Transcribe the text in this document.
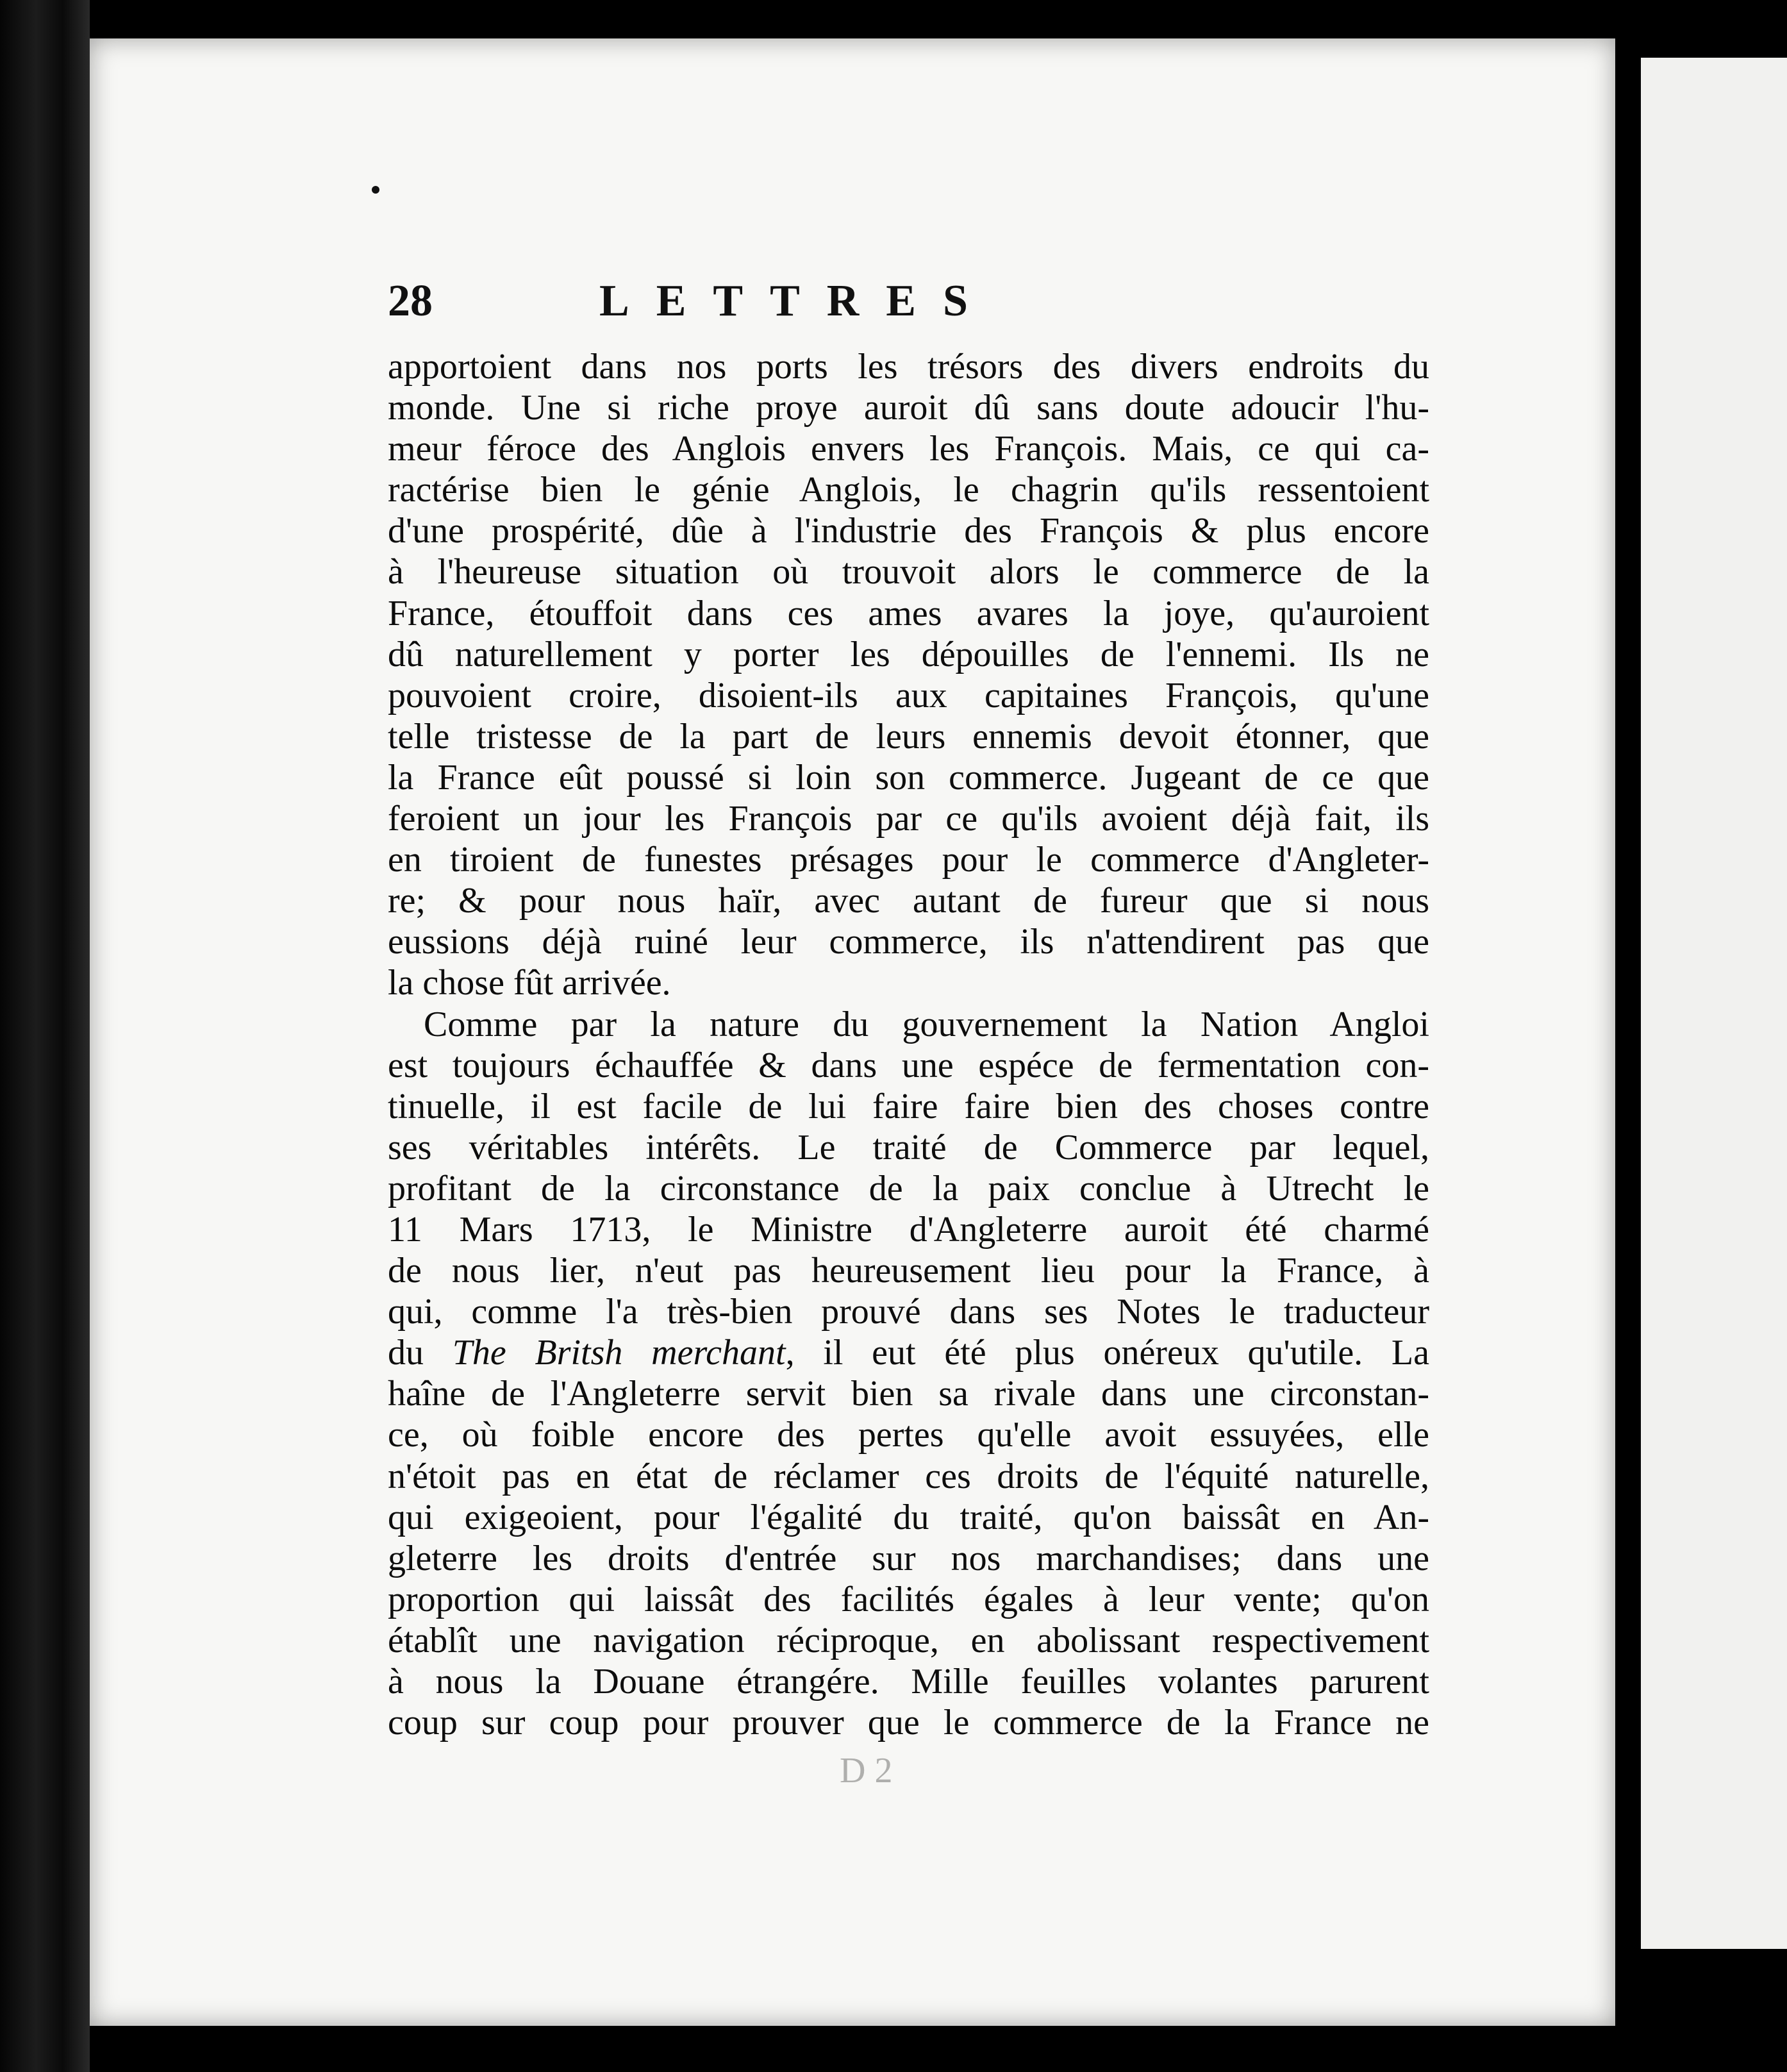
28	LETTRES
apportoient dans nos ports les trésors des divers endroits du
monde. Une si riche proye auroit dû sans doute adoucir l'hu-
meur féroce des Anglois envers les François. Mais, ce qui ca-
ractérise bien le génie Anglois, le chagrin qu'ils ressentoient
d'une prospérité, dûe à l'industrie des François & plus encore
à l'heureuse situation où trouvoit alors le commerce de la
France, étouffoit dans ces ames avares la joye, qu'auroient
dû naturellement y porter les dépouilles de l'ennemi. Ils ne
pouvoient croire, disoient-ils aux capitaines François, qu'une
telle tristesse de la part de leurs ennemis devoit étonner, que
la France eût poussé si loin son commerce. Jugeant de ce que
feroient un jour les François par ce qu'ils avoient déjà fait, ils
en tiroient de funestes présages pour le commerce d'Angleter-
re; & pour nous haïr, avec autant de fureur que si nous
eussions déjà ruiné leur commerce, ils n'attendirent pas que
la chose fût arrivée.
Comme par la nature du gouvernement la Nation Angloi
est toujours échauffée & dans une espéce de fermentation con-
tinuelle, il est facile de lui faire faire bien des choses contre
ses véritables intérêts. Le traité de Commerce par lequel,
profitant de la circonstance de la paix conclue à Utrecht le
11 Mars 1713, le Ministre d'Angleterre auroit été charmé
de nous lier, n'eut pas heureusement lieu pour la France, à
qui, comme l'a très-bien prouvé dans ses Notes le traducteur
du The Britsh merchant, il eut été plus onéreux qu'utile. La
haîne de l'Angleterre servit bien sa rivale dans une circonstan-
ce, où foible encore des pertes qu'elle avoit essuyées, elle
n'étoit pas en état de réclamer ces droits de l'équité naturelle,
qui exigeoient, pour l'égalité du traité, qu'on baissât en An-
gleterre les droits d'entrée sur nos marchandises; dans une
proportion qui laissât des facilités égales à leur vente; qu'on
établît une navigation réciproque, en abolissant respectivement
à nous la Douane étrangére. Mille feuilles volantes parurent
coup sur coup pour prouver que le commerce de la France ne
D 2
